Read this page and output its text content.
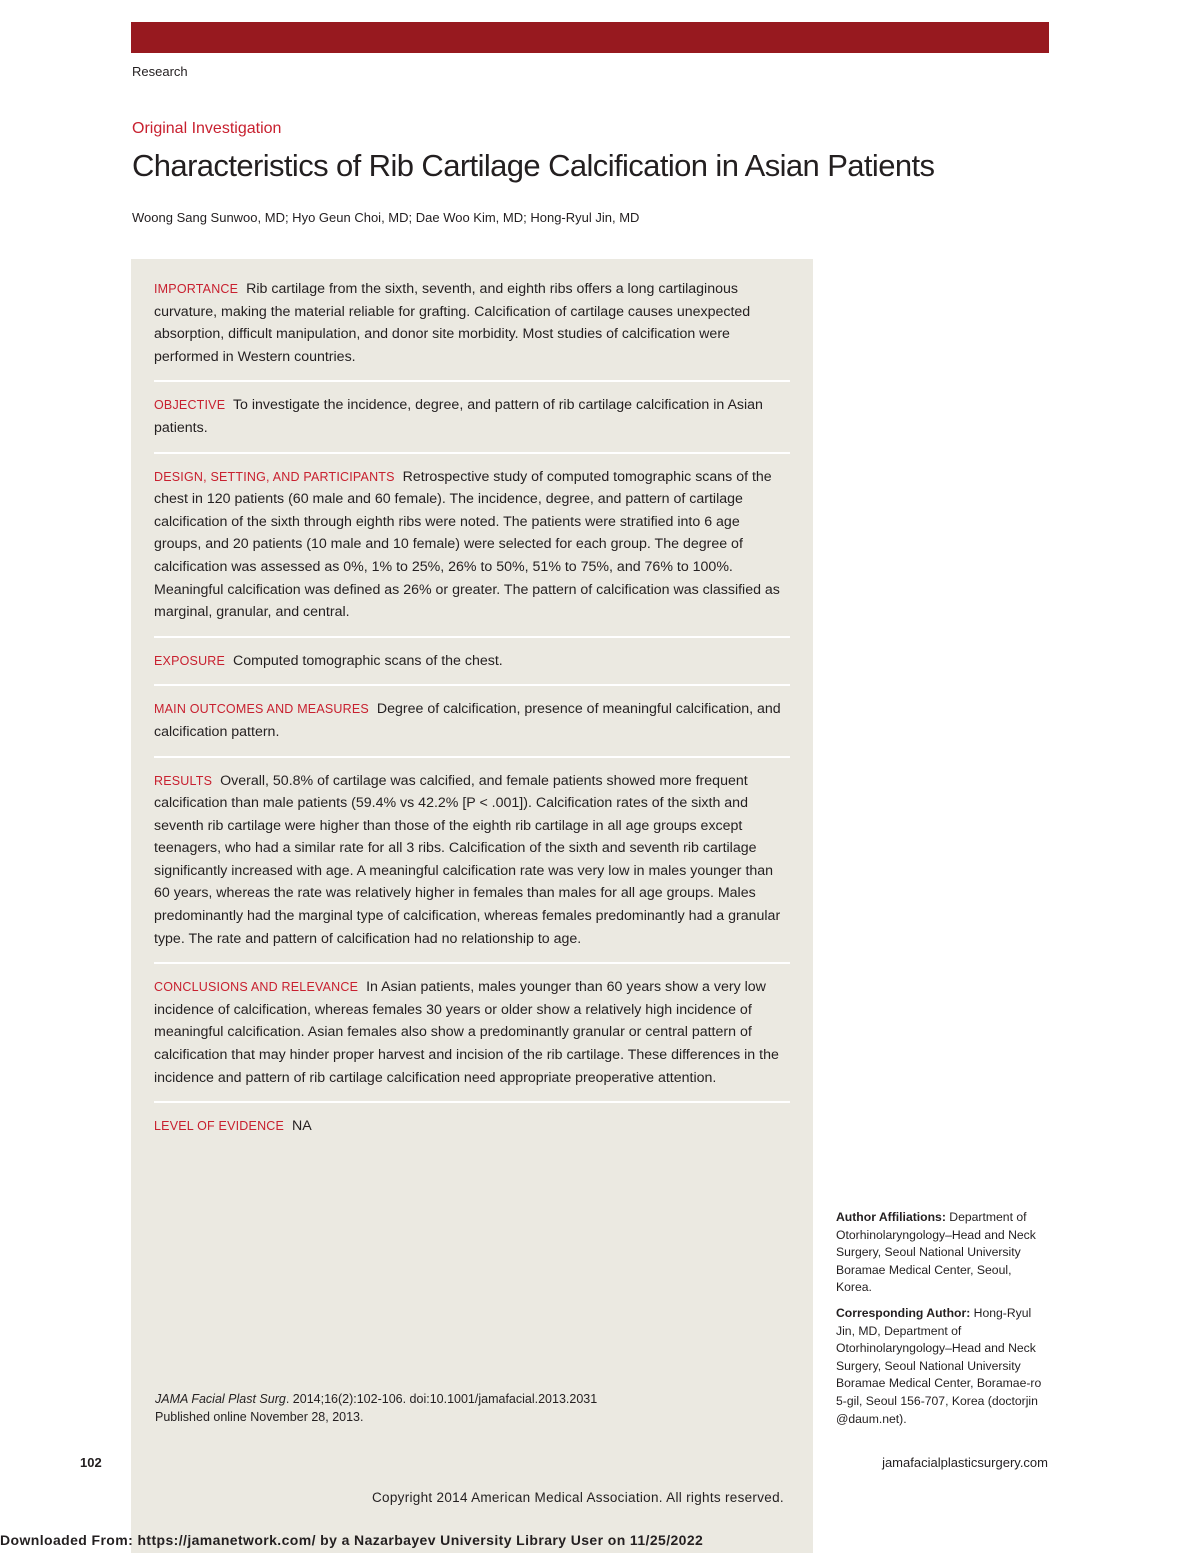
Research
Original Investigation
Characteristics of Rib Cartilage Calcification in Asian Patients
Woong Sang Sunwoo, MD; Hyo Geun Choi, MD; Dae Woo Kim, MD; Hong-Ryul Jin, MD
IMPORTANCE Rib cartilage from the sixth, seventh, and eighth ribs offers a long cartilaginous curvature, making the material reliable for grafting. Calcification of cartilage causes unexpected absorption, difficult manipulation, and donor site morbidity. Most studies of calcification were performed in Western countries.
OBJECTIVE To investigate the incidence, degree, and pattern of rib cartilage calcification in Asian patients.
DESIGN, SETTING, AND PARTICIPANTS Retrospective study of computed tomographic scans of the chest in 120 patients (60 male and 60 female). The incidence, degree, and pattern of cartilage calcification of the sixth through eighth ribs were noted. The patients were stratified into 6 age groups, and 20 patients (10 male and 10 female) were selected for each group. The degree of calcification was assessed as 0%, 1% to 25%, 26% to 50%, 51% to 75%, and 76% to 100%. Meaningful calcification was defined as 26% or greater. The pattern of calcification was classified as marginal, granular, and central.
EXPOSURE Computed tomographic scans of the chest.
MAIN OUTCOMES AND MEASURES Degree of calcification, presence of meaningful calcification, and calcification pattern.
RESULTS Overall, 50.8% of cartilage was calcified, and female patients showed more frequent calcification than male patients (59.4% vs 42.2% [P < .001]). Calcification rates of the sixth and seventh rib cartilage were higher than those of the eighth rib cartilage in all age groups except teenagers, who had a similar rate for all 3 ribs. Calcification of the sixth and seventh rib cartilage significantly increased with age. A meaningful calcification rate was very low in males younger than 60 years, whereas the rate was relatively higher in females than males for all age groups. Males predominantly had the marginal type of calcification, whereas females predominantly had a granular type. The rate and pattern of calcification had no relationship to age.
CONCLUSIONS AND RELEVANCE In Asian patients, males younger than 60 years show a very low incidence of calcification, whereas females 30 years or older show a relatively high incidence of meaningful calcification. Asian females also show a predominantly granular or central pattern of calcification that may hinder proper harvest and incision of the rib cartilage. These differences in the incidence and pattern of rib cartilage calcification need appropriate preoperative attention.
LEVEL OF EVIDENCE NA
JAMA Facial Plast Surg. 2014;16(2):102-106. doi:10.1001/jamafacial.2013.2031
Published online November 28, 2013.

Author Affiliations: Department of Otorhinolaryngology–Head and Neck Surgery, Seoul National University Boramae Medical Center, Seoul, Korea.

Corresponding Author: Hong-Ryul Jin, MD, Department of Otorhinolaryngology–Head and Neck Surgery, Seoul National University Boramae Medical Center, Boramae-ro 5-gil, Seoul 156-707, Korea (doctorjin @daum.net).

102	jamafacialplasticsurgery.com
Copyright 2014 American Medical Association. All rights reserved.
Downloaded From: https://jamanetwork.com/ by a Nazarbayev University Library User on 11/25/2022
